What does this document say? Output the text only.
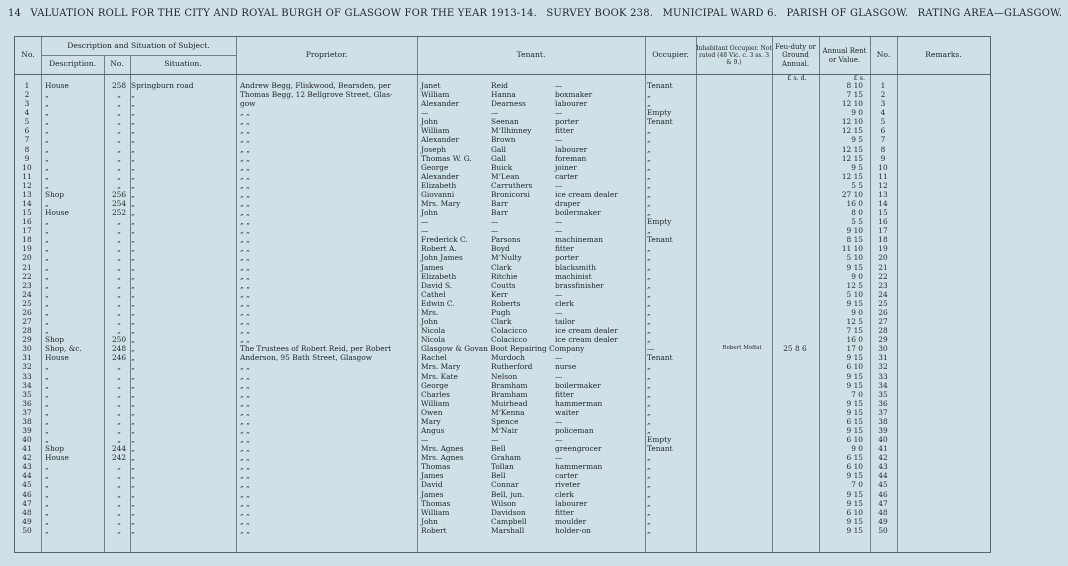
14 VALUATION ROLL FOR THE CITY AND ROYAL BURGH OF GLASGOW FOR THE YEAR 1913-14. SURVEY BOOK 238. MUNICIPAL WARD 6. PARISH OF GLASGOW. RATING AREA—GLASGOW.
No.
Description and Situation of Subject.
Description.	No.	Situation.
Proprietor.	Tenant.	Occupier.
Inhabitant Occupier. Not rated (48 Vic. c. 3 ss. 3 & 9.)
Feu-duty or Ground Annual.
Annual Rent or Value.
No.	Remarks.
£ s. d.	£ s.
1	House	258 Springburn road	Andrew Begg, Fliskwood, Bearsden, per	Janet	Reid	—	Tenant	8 10	1
2	„	„	„	Thomas Begg, 12 Bellgrove Street, Glas-	William	Hanna	boxmaker	„	7 15	2
3	„	„	„	gow	Alexander	Dearness	labourer	„	12 10	3
4	„	„	„	„ „	—	—	—	Empty	9 0	4
5	„	„	„	„ „	John	Seenan	porter	Tenant	12 10	5
6	„	„	„	„ „	William	M‘Ilhinney	fitter	„	12 15	6
7	„	„	„	„ „	Alexander	Brown	—	„	9 5	7
8	„	„	„	„ „	Joseph	Gall	labourer	„	12 15	8
9	„	„	„	„ „	Thomas W. G.	Gall	foreman	„	12 15	9
10	„	„	„	„ „	George	Buick	joiner	„	9 5	10
11	„	„	„	„ „	Alexander	M‘Lean	carter	„	12 15	11
12	„	„	„	„ „	Elizabeth	Carruthers	—	„	5 5	12
13	Shop	256 „	„ „	Giovanni	Bronicorsi	ice cream dealer	„	27 10	13
14	„	254 „	„ „	Mrs. Mary	Barr	draper	„	16 0	14
15	House	252 „	„ „	John	Barr	boilermaker	„	8 0	15
16	„	„	„	„ „	—	—	—	Empty	5 5	16
17	„	„	„	„ „	—	—	—	„	9 10	17
18	„	„	„	„ „	Frederick C.	Parsons	machineman	Tenant	8 15	18
19	„	„	„	„ „	Robert A.	Boyd	fitter	„	11 10	19
20	„	„	„	„ „	John James	M‘Nulty	porter	„	5 10	20
21	„	„	„	„ „	James	Clark	blacksmith	„	9 15	21
22	„	„	„	„ „	Elizabeth	Ritchie	machinist	„	9 0	22
23	„	„	„	„ „	David S.	Coutts	brassfinisher	„	12 5	23
24	„	„	„	„ „	Cathel	Kerr	—	„	5 10	24
25	„	„	„	„ „	Edwin C.	Roberts	clerk	„	9 15	25
26	„	„	„	„ „	Mrs.	Pugh	—	„	9 0	26
27	„	„	„	„ „	John	Clark	tailor	„	12 5	27
28	„	„	„	„ „	Nicola	Colacicco	ice cream dealer	„	7 15	28
29	Shop	250 „	„ „	Nicola	Colacicco	ice cream dealer	„	16 0	29
30	Shop, &c.	248 „	The Trustees of Robert Reid, per Robert	Glasgow & Govan Boot Repairing Company	—	Robert Moffat	25 8 6	17 0	30
31	House	246 „	Anderson, 95 Bath Street, Glasgow	Rachel	Murdoch	—	Tenant	9 15	31
32	„	„	„	„ „	Mrs. Mary	Rutherford	nurse	„	6 10	32
33	„	„	„	„ „	Mrs. Kate	Nelson	—	„	9 15	33
34	„	„	„	„ „	George	Bramham	boilermaker	„	9 15	34
35	„	„	„	„ „	Charles	Bramham	fitter	„	7 0	35
36	„	„	„	„ „	William	Muirhead	hammerman	„	9 15	36
37	„	„	„	„ „	Owen	M‘Kenna	waiter	„	9 15	37
38	„	„	„	„ „	Mary	Spence	—	„	6 15	38
39	„	„	„	„ „	Angus	M‘Nair	policeman	„	9 15	39
40	„	„	„	„ „	—	—	—	Empty	6 10	40
41	Shop	244 „	„ „	Mrs. Agnes	Bell	greengrocer	Tenant	9 0	41
42	House	242 „	„ „	Mrs. Agnes	Graham	—	„	6 15	42
43	„	„	„	„ „	Thomas	Tollan	hammerman	„	6 10	43
44	„	„	„	„ „	James	Bell	carter	„	9 15	44
45	„	„	„	„ „	David	Connar	riveter	„	7 0	45
46	„	„	„	„ „	James	Bell, jun.	clerk	„	9 15	46
47	„	„	„	„ „	Thomas	Wilson	labourer	„	9 15	47
48	„	„	„	„ „	William	Davidson	fitter	„	6 10	48
49	„	„	„	„ „	John	Campbell	moulder	„	9 15	49
50	„	„	„	„ „	Robert	Marshall	holder-on	„	9 15	50
